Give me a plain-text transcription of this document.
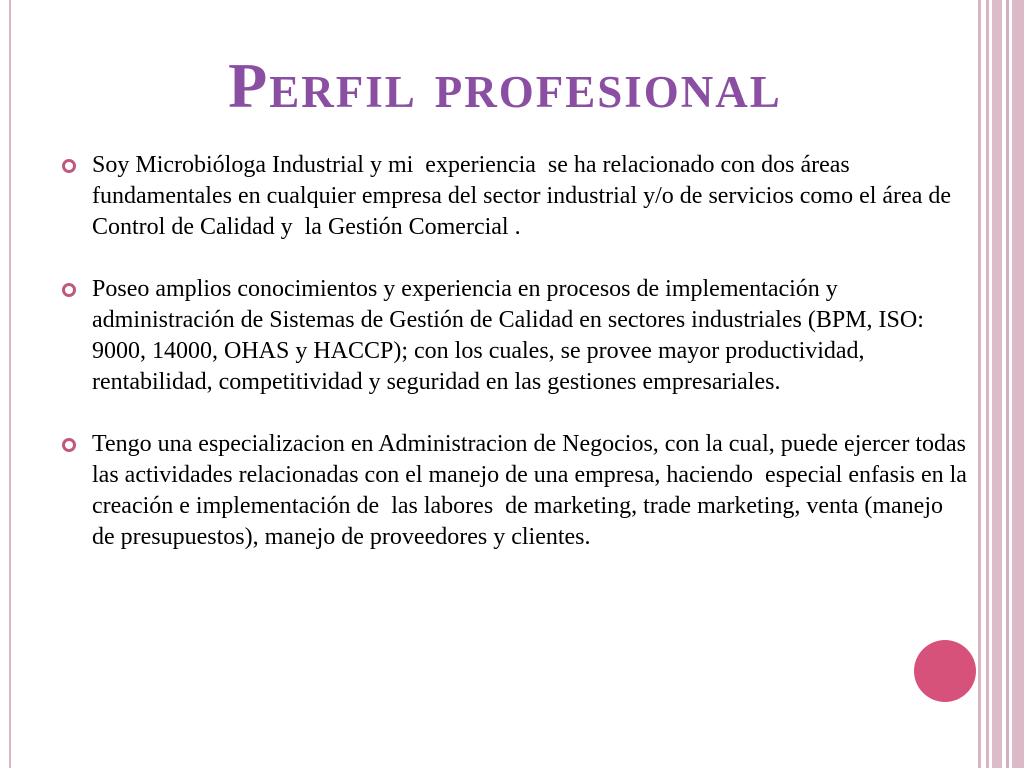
Perfil profesional
Soy Microbióloga Industrial y mi  experiencia  se ha relacionado con dos áreas fundamentales en cualquier empresa del sector industrial y/o de servicios como el área de Control de Calidad y  la Gestión Comercial .
Poseo amplios conocimientos y experiencia en procesos de implementación y administración de Sistemas de Gestión de Calidad en sectores industriales (BPM, ISO: 9000, 14000, OHAS y HACCP); con los cuales, se provee mayor productividad, rentabilidad, competitividad y seguridad en las gestiones empresariales.
Tengo una especializacion en Administracion de Negocios, con la cual, puede ejercer todas las actividades relacionadas con el manejo de una empresa, haciendo  especial enfasis en la creación e implementación de  las labores  de marketing, trade marketing, venta (manejo de presupuestos), manejo de proveedores y clientes.
